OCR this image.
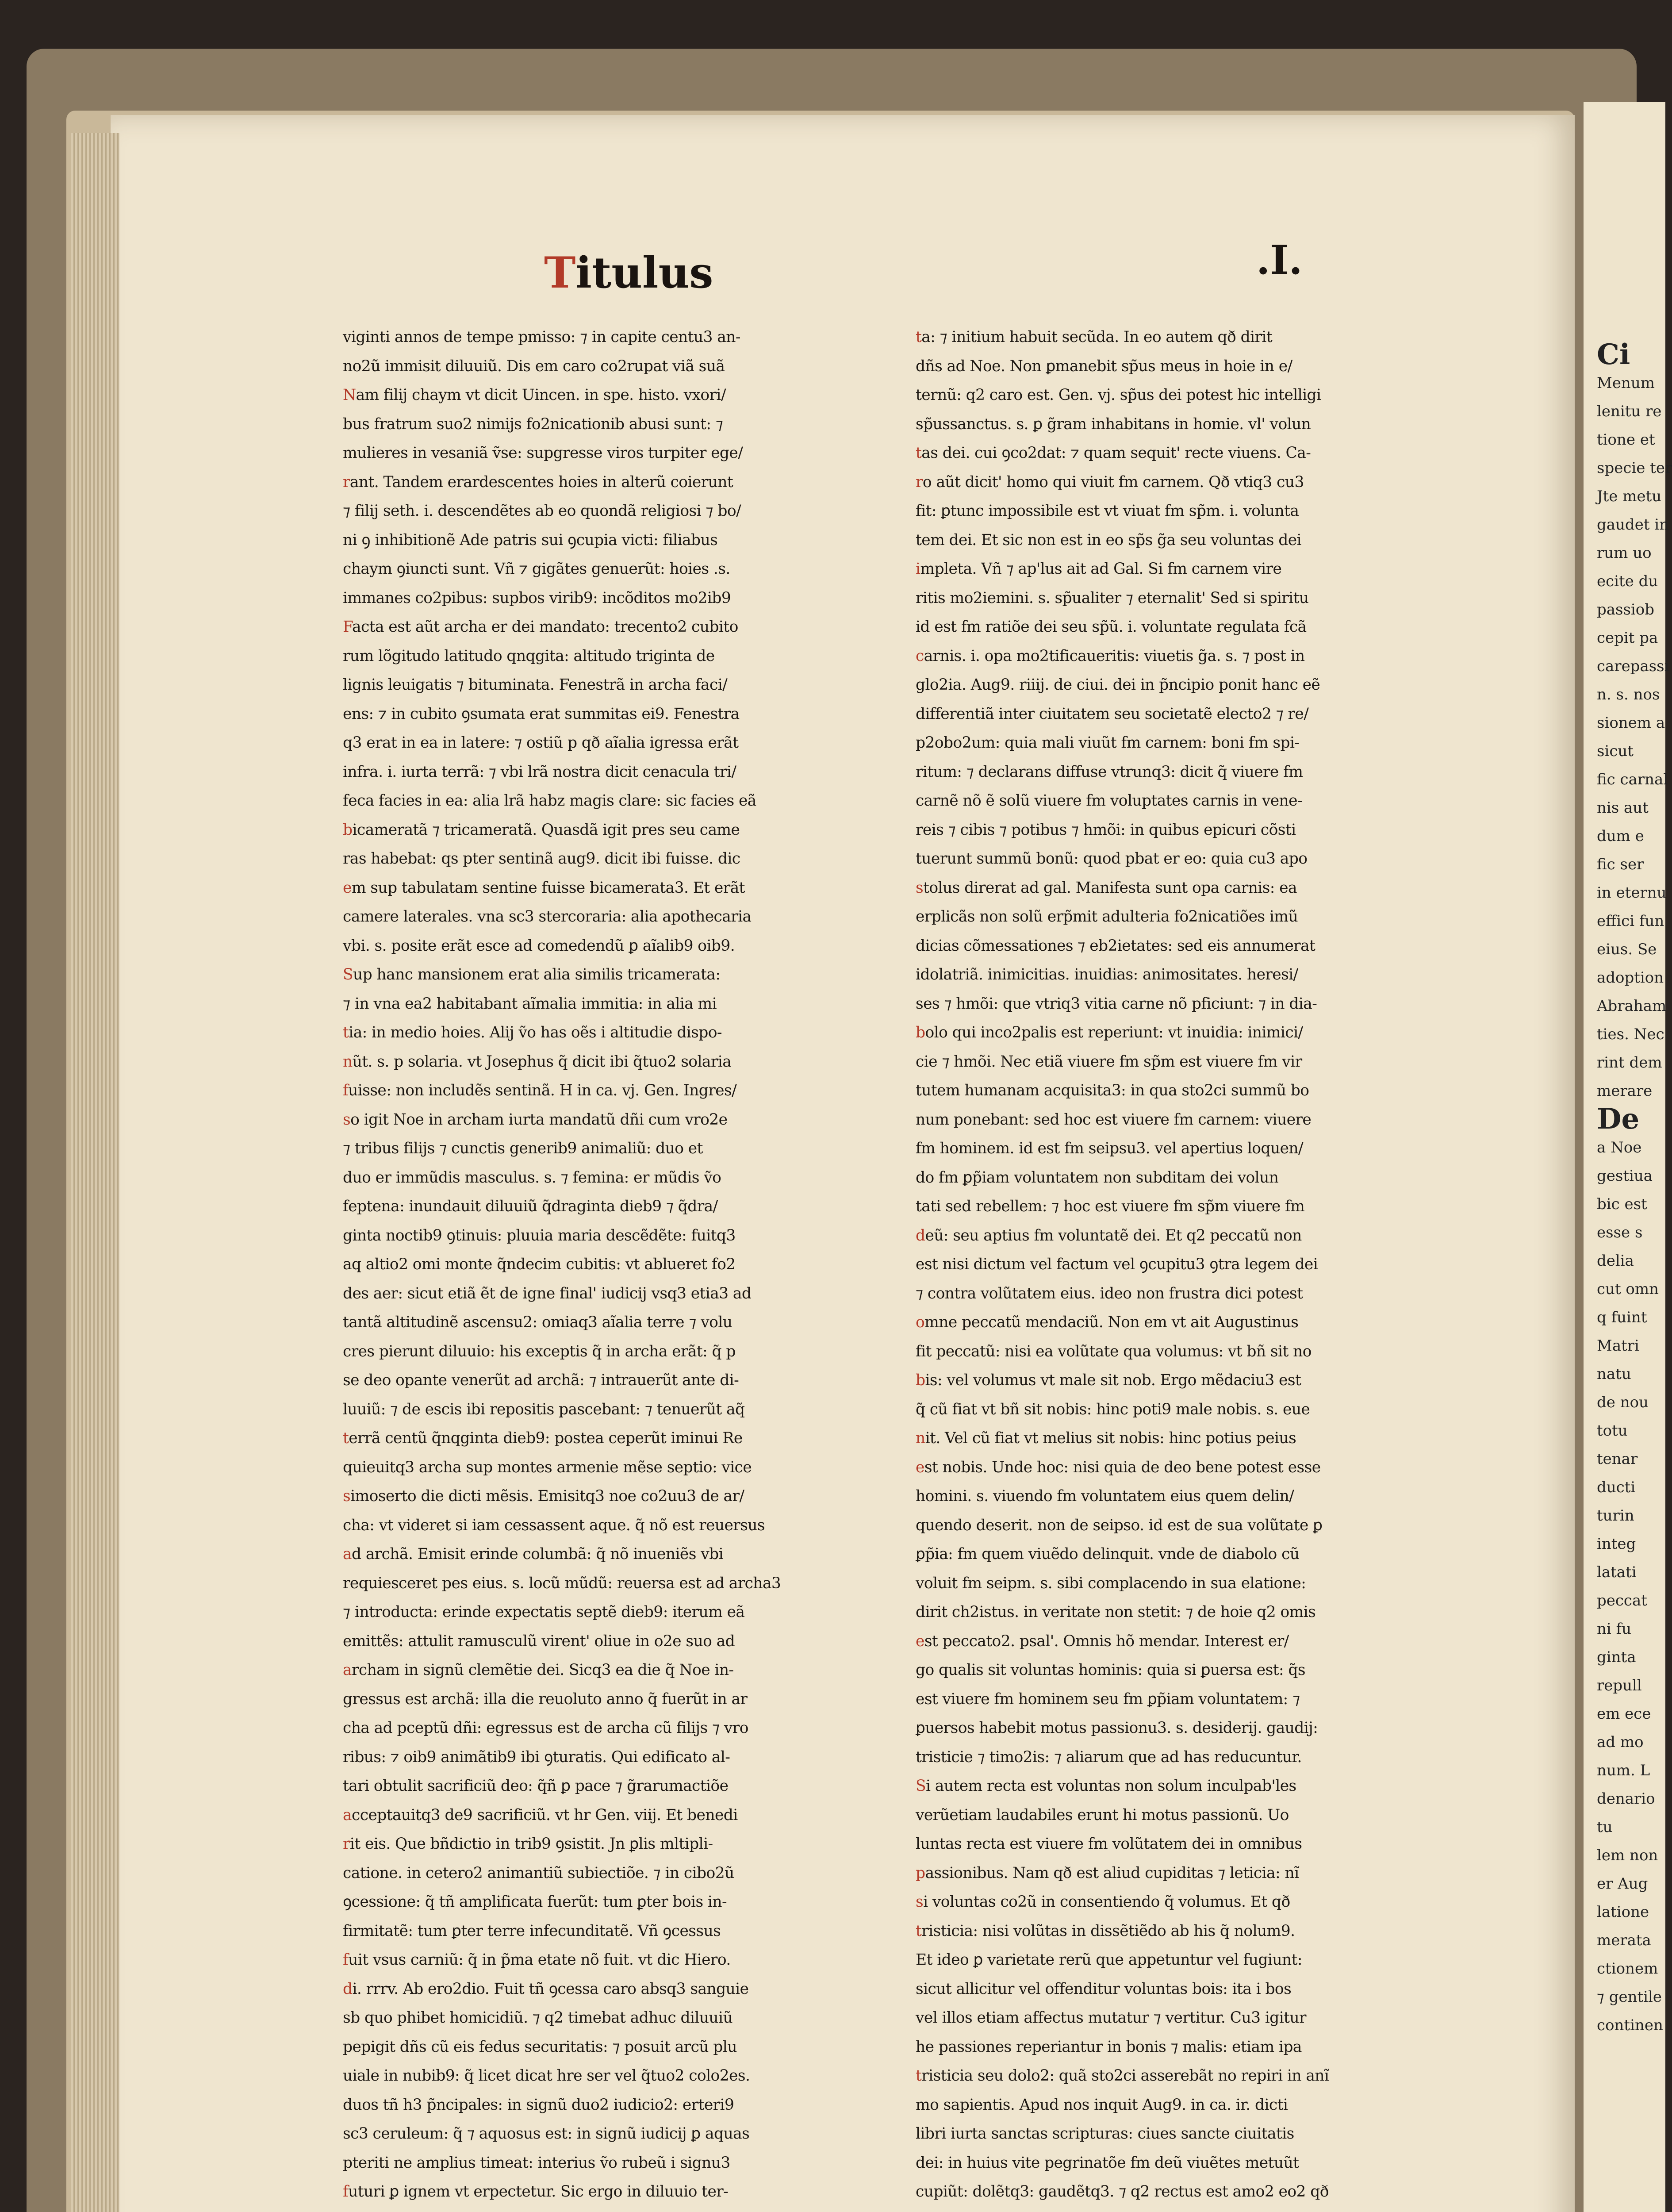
Titulus	.I.
viginti annos de tempe pmisso: ⁊ in capite centu3 an-
no2ũ immisit diluuiũ. Dis em caro co2rupat viã suã
Nam filij chaym vt dicit Uincen. in spe. histo. vxori/
bus fratrum suo2 nimijs fo2nicationib abusi sunt: ⁊
mulieres in vesaniã ṽse: supgresse viros turpiter ege/
rant. Tandem erardescentes hoies in alterũ coierunt
⁊ filij seth. i. descendẽtes ab eo quondã religiosi ⁊ bo/
ni ꝯ inhibitionẽ Ade patris sui ꝯcupia victi: filiabus
chaym ꝯiuncti sunt. Vñ ⁊ gigãtes genuerũt: hoies .s.
immanes co2pibus: supbos virib9: incõditos mo2ib9
Facta est aũt archa er dei mandato: trecento2 cubito
rum lõgitudo latitudo qnqgita: altitudo triginta de
lignis leuigatis ⁊ bituminata. Fenestrã in archa faci/
ens: ⁊ in cubito ꝯsumata erat summitas ei9. Fenestra
q3 erat in ea in latere: ⁊ ostiũ p qð aĩalia igressa erãt
infra. i. iurta terrã: ⁊ vbi lrã nostra dicit cenacula tri/
feca facies in ea: alia lrã habz magis clare: sic facies eã
bicameratã ⁊ tricameratã. Quasdã igit pres seu came
ras habebat: qs pter sentinã aug9. dicit ibi fuisse. dic
em sup tabulatam sentine fuisse bicamerata3. Et erãt
camere laterales. vna sc3 stercoraria: alia apothecaria
vbi. s. posite erãt esce ad comedendũ ꝑ aĩalib9 oib9.
Sup hanc mansionem erat alia similis tricamerata:
⁊ in vna ea2 habitabant aĩmalia immitia: in alia mi
tia: in medio hoies. Alij ṽo has oẽs i altitudie dispo-
nũt. s. p solaria. vt Josephus q̃ dicit ibi q̃tuo2 solaria
fuisse: non includẽs sentinã. H in ca. vj. Gen. Ingres/
so igit Noe in archam iurta mandatũ dñi cum vro2e
⁊ tribus filijs ⁊ cunctis generib9 animaliũ: duo et
duo er immũdis masculus. s. ⁊ femina: er mũdis ṽo
feptena: inundauit diluuiũ q̃draginta dieb9 ⁊ q̃dra/
ginta noctib9 ꝯtinuis: pluuia maria descẽdẽte: fuitq3
aq altio2 omi monte q̃ndecim cubitis: vt ablueret fo2
des aer: sicut etiã ẽt de igne final' iudicij vsq3 etia3 ad
tantã altitudinẽ ascensu2: omiaq3 aĩalia terre ⁊ volu
cres pierunt diluuio: his exceptis q̃ in archa erãt: q̃ p
se deo opante venerũt ad archã: ⁊ intrauerũt ante di-
luuiũ: ⁊ de escis ibi repositis pascebant: ⁊ tenuerũt aq̃
terrã centũ q̃nqginta dieb9: postea ceperũt iminui Re
quieuitq3 archa sup montes armenie mẽse septio: vice
simoserto die dicti mẽsis. Emisitq3 noe co2uu3 de ar/
cha: vt videret si iam cessassent aque. q̃ nõ est reuersus
ad archã. Emisit erinde columbã: q̃ nõ inueniẽs vbi
requiesceret pes eius. s. locũ mũdũ: reuersa est ad archa3
⁊ introducta: erinde expectatis septẽ dieb9: iterum eã
emittẽs: attulit ramusculũ virent' oliue in o2e suo ad
archam in signũ clemẽtie dei. Sicq3 ea die q̃ Noe in-
gressus est archã: illa die reuoluto anno q̃ fuerũt in ar
cha ad pceptũ dñi: egressus est de archa cũ filijs ⁊ vro
ribus: ⁊ oib9 animãtib9 ibi ꝯturatis. Qui edificato al-
tari obtulit sacrificiũ deo: q̃ñ ꝑ pace ⁊ g̃rarumactiõe
acceptauitq3 de9 sacrificiũ. vt hr Gen. viij. Et benedi
rit eis. Que bñdictio in trib9 ꝯsistit. Jn ꝑlis mltipli-
catione. in cetero2 animantiũ subiectiõe. ⁊ in cibo2ũ
ꝯcessione: q̃ tñ amplificata fuerũt: tum ꝑter bois in-
firmitatẽ: tum ꝑter terre infecunditatẽ. Vñ ꝯcessus
fuit vsus carniũ: q̃ in p̃ma etate nõ fuit. vt dic Hiero.
di. rrrv. Ab ero2dio. Fuit tñ ꝯcessa caro absq3 sanguie
sb quo phibet homicidiũ. ⁊ q2 timebat adhuc diluuiũ
pepigit dñs cũ eis fedus securitatis: ⁊ posuit arcũ plu
uiale in nubib9: q̃ licet dicat hre ser vel q̃tuo2 colo2es.
duos tñ h3 p̃ncipales: in signũ duo2 iudicio2: erteri9
sc3 ceruleum: q̃ ⁊ aquosus est: in signũ iudicij ꝑ aquas
pteriti ne amplius timeat: interius ṽo rubeũ i signu3
futuri ꝑ ignem vt erpectetur. Sic ergo in diluuio ter-
ta: ⁊ initium habuit secũda. In eo autem qð dirit
dñs ad Noe. Non ꝑmanebit sp̃us meus in hoie in e/
ternũ: q2 caro est. Gen. vj. sp̃us dei potest hic intelligi
sp̃ussanctus. s. ꝑ g̃ram inhabitans in homie. vl' volun
tas dei. cui ꝯco2dat: ⁊ quam sequit' recte viuens. Ca-
ro aũt dicit' homo qui viuit fm carnem. Qð vtiq3 cu3
fit: ꝑtunc impossibile est vt viuat fm sp̃m. i. volunta
tem dei. Et sic non est in eo sp̃s g̃a seu voluntas dei
impleta. Vñ ⁊ ap'lus ait ad Gal. Si fm carnem vire
ritis mo2iemini. s. sp̃ualiter ⁊ eternalit' Sed si spiritu
id est fm ratiõe dei seu sp̃ũ. i. voluntate regulata fcã
carnis. i. opa mo2tificaueritis: viuetis g̃a. s. ⁊ post in
glo2ia. Aug9. riiij. de ciui. dei in p̃ncipio ponit hanc eẽ
differentiã inter ciuitatem seu societatẽ electo2 ⁊ re/
p2obo2um: quia mali viuũt fm carnem: boni fm spi-
ritum: ⁊ declarans diffuse vtrunq3: dicit q̃ viuere fm
carnẽ nõ ẽ solũ viuere fm voluptates carnis in vene-
reis ⁊ cibis ⁊ potibus ⁊ hmõi: in quibus epicuri cõsti
tuerunt summũ bonũ: quod pbat er eo: quia cu3 apo
stolus direrat ad gal. Manifesta sunt opa carnis: ea
erplicãs non solũ erp̃mit adulteria fo2nicatiões imũ
dicias cõmessationes ⁊ eb2ietates: sed eis annumerat
idolatriã. inimicitias. inuidias: animositates. heresi/
ses ⁊ hmõi: que vtriq3 vitia carne nõ pficiunt: ⁊ in dia-
bolo qui inco2palis est reperiunt: vt inuidia: inimici/
cie ⁊ hmõi. Nec etiã viuere fm sp̃m est viuere fm vir
tutem humanam acquisita3: in qua sto2ci summũ bo
num ponebant: sed hoc est viuere fm carnem: viuere
fm hominem. id est fm seipsu3. vel apertius loquen/
do fm ꝑp̃iam voluntatem non subditam dei volun
tati sed rebellem: ⁊ hoc est viuere fm sp̃m viuere fm
deũ: seu aptius fm voluntatẽ dei. Et q2 peccatũ non
est nisi dictum vel factum vel ꝯcupitu3 ꝯtra legem dei
⁊ contra volũtatem eius. ideo non frustra dici potest
omne peccatũ mendaciũ. Non em vt ait Augustinus
fit peccatũ: nisi ea volũtate qua volumus: vt bñ sit no
bis: vel volumus vt male sit nob. Ergo mẽdaciu3 est
q̃ cũ fiat vt bñ sit nobis: hinc poti9 male nobis. s. eue
nit. Vel cũ fiat vt melius sit nobis: hinc potius peius
est nobis. Unde hoc: nisi quia de deo bene potest esse
homini. s. viuendo fm voluntatem eius quem delin/
quendo deserit. non de seipso. id est de sua volũtate ꝑ
ꝑp̃ia: fm quem viuẽdo delinquit. vnde de diabolo cũ
voluit fm seipm. s. sibi complacendo in sua elatione:
dirit ch2istus. in veritate non stetit: ⁊ de hoie q2 omis
est peccato2. psal'. Omnis hõ mendar. Interest er/
go qualis sit voluntas hominis: quia si ꝑuersa est: q̃s
est viuere fm hominem seu fm ꝑp̃iam voluntatem: ⁊
ꝑuersos habebit motus passionu3. s. desiderij. gaudij:
tristicie ⁊ timo2is: ⁊ aliarum que ad has reducuntur.
Si autem recta est voluntas non solum inculpab'les
verũetiam laudabiles erunt hi motus passionũ. Uo
luntas recta est viuere fm volũtatem dei in omnibus
passionibus. Nam qð est aliud cupiditas ⁊ leticia: nĩ
si voluntas co2ũ in consentiendo q̃ volumus. Et qð
tristicia: nisi volũtas in dissẽtiẽdo ab his q̃ nolum9.
Et ideo ꝑ varietate rerũ que appetuntur vel fugiunt:
sicut allicitur vel offenditur voluntas bois: ita i bos
vel illos etiam affectus mutatur ⁊ vertitur. Cu3 igitur
he passiones reperiantur in bonis ⁊ malis: etiam ipa
tristicia seu dolo2: quã sto2ci asserebãt no repiri in anĩ
mo sapientis. Apud nos inquit Aug9. in ca. ir. dicti
libri iurta sanctas scripturas: ciues sancte ciuitatis
dei: in huius vite pegrinatõe fm deũ viuẽtes metuũt
cupiũt: dolẽtq3: gaudẽtq3. ⁊ q2 rectus est amo2 eo2 qð
Ci
Menum
lenitu re
tione et
specie ter
Jte metu
gaudet in
rum uo
ecite du
passiob
cepit pa
carepassi
n. s. nos
sionem a
sicut
fic carnal
nis aut
dum e
fic ser
in eternu
effici fun
eius. Se
adoption
Abraham
ties. Nec
rint dem
merare
De
a Noe
gestiua
bic est
esse s
delia
cut omn
q fuint
Matri
natu
de nou
totu
tenar
ducti
turin
integ
latati
peccat
ni fu
ginta
repull
em ece
ad mo
num. L
denario
tu
lem non
er Aug
latione
merata
ctionem
⁊ gentile
continen
